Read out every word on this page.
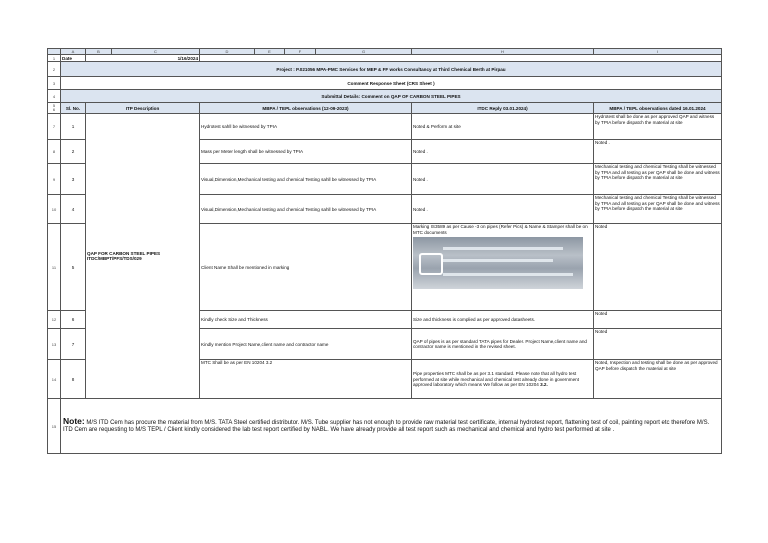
	A	B	C	D	E	F	G	H	I
1	Date	1/16/2024							
2	Project : P.021056 MPA-PMC Services for MEP & FF works Consultancy at Third Chemical Berth at Pirpau								
3	Comment Response Sheet (CRS Sheet )								
4	Submittal Details: Comment on QAP OF CARBON STEEL PIPES								
5
6	Sl. No.	ITP Description		MBPA / TEPL observations (12-09-2023)				ITDC Reply 03.01.2024)	MBPA / TEPL observations dated 16.01.2024
7	1	QAP FOR CARBON STEEL PIPES ITDC/MBPT/PFS/TDS/029		Hydrotest sahll be witnessed by TPIA				Noted & Perform at site	Hydrotest shall be done as per approved QAP and witness by TPIA before dispatch the material at site
8	2			Mass per Meter length shall be witnessed by TPIA				Noted .	Noted .
9	3			Visual,Dimension,Mechanical testing and chemical Testing sahll be witnessed by TPIA				Noted .	Mechanical testing and chemical Testing shall be witnessed by TPIA and all testing as per QAP shall be done and witness by TPIA before dispatch the material at site
10	4			Visual,Dimension,Mechanical testing and chemical Testing sahll be witnessed by TPIA				Noted .	Mechanical testing and chemical Testing shall be witnessed by TPIA and all testing as per QAP shall be done and witness by TPIA before dispatch the material at site
11	5			Client Name Shall be mentioned in marking				Marking IS3589 as per Cause -3 on pipes (Refer Pics) & Name & Stamper shall be on MTC documents	Noted
12	6			Kindly check Size and Thickness				Size and thickness is complied as per approved datasheets.	Noted
13	7			Kindly mention Project Name,client name and contractor name				QAP of pipes is as per standard TATA pipes for Dealer. Project Name,client name and contractor name is mentioned in the revised sheet.	Noted
14	8			MTC Shall be as per EN 10204 3.2				Pipe properties MTC shall be as per 3.1 standard. Please note that all hydro test performed at site while mechanical and chemical test already done in government approved laboratory which means We follow as per EN 10204 3.2.	Noted, Inspection and testing shall be done as per approved QAP before dispatch the material at site
15	Note: M/S ITD Cem has procure the material from M/S. TATA Steel certified distributor. M/S. Tube supplier has not enough to provide raw material test certificate, internal hydrotest report, flattening test of coil, painting report etc therefore M/S. ITD Cem are requesting to M/S TEPL / Client kindly considered the lab test report certified by NABL. We have already provide all test report such as mechanical and chemical and hydro test performed at site .								
